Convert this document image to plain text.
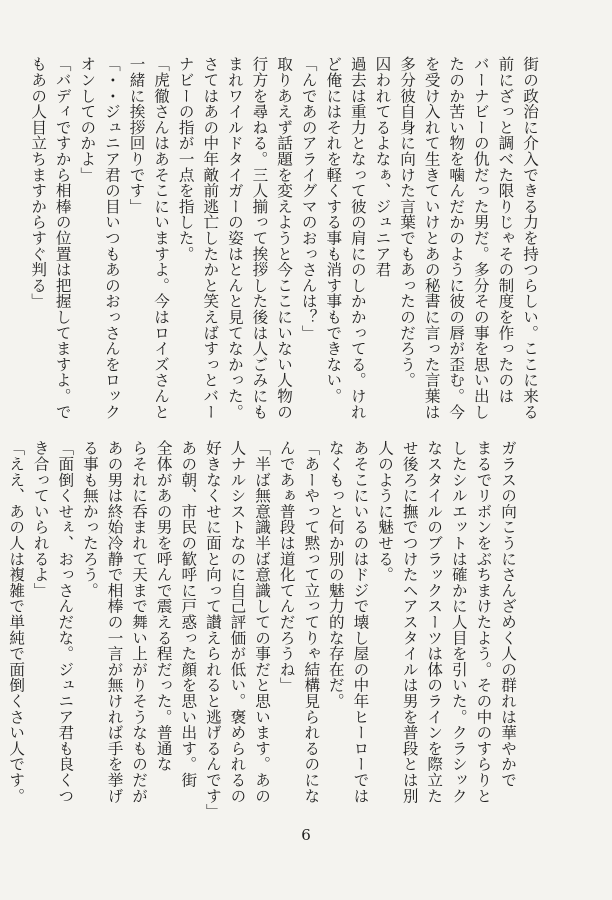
街の政治に介入できる力を持つらしい。ここに来る

前にざっと調べた限りじゃその制度を作ったのは

バーナビーの仇だった男だ。多分その事を思い出し

たのか苦い物を噛んだかのように彼の唇が歪む。今

を受け入れて生きていけとあの秘書に言った言葉は

多分彼自身に向けた言葉でもあったのだろう。

囚われてるよなぁ、ジュニア君

過去は重力となって彼の肩にのしかかってる。けれ

ど俺にはそれを軽くする事も消す事もできない。

「んであのアライグマのおっさんは？」

取りあえず話題を変えようと今ここにいない人物の

行方を尋ねる。三人揃って挨拶した後は人ごみにも

まれワイルドタイガーの姿はとんと見てなかった。

さてはあの中年敵前逃亡したかと笑えばすっとバー

ナビーの指が一点を指した。

「虎徹さんはあそこにいますよ。今はロイズさんと

一緒に挨拶回りです」

「・・ジュニア君の目いつもあのおっさんをロック

オンしてのかよ」

「バディですから相棒の位置は把握してますよ。で

もあの人目立ちますからすぐ判る」

ガラスの向こうにさんざめく人の群れは華やかで

まるでリボンをぶちまけたよう。その中のすらりと

したシルエットは確かに人目を引いた。クラシック

なスタイルのブラックスーツは体のラインを際立た

せ後ろに撫でつけたヘアスタイルは男を普段とは別

人のように魅せる。

あそこにいるのはドジで壊し屋の中年ヒーローでは

なくもっと何か別の魅力的な存在だ。

「あーやって黙って立ってりゃ結構見られるのにな

んであぁ普段は道化てんだろうね」

「半ば無意識半ば意識しての事だと思います。あの

人ナルシストなのに自己評価が低い。褒められるの

好きなくせに面と向って讃えられると逃げるんです」

あの朝、市民の歓呼に戸惑った顔を思い出す。街

全体があの男を呼んで震える程だった。普通な

らそれに呑まれて天まで舞い上がりそうなものだが

あの男は終始冷静で相棒の一言が無ければ手を挙げ

る事も無かったろう。

「面倒くせぇ、おっさんだな。ジュニア君も良くつ

き合っていられるよ」

「ええ、あの人は複雑で単純で面倒くさい人です。

6
